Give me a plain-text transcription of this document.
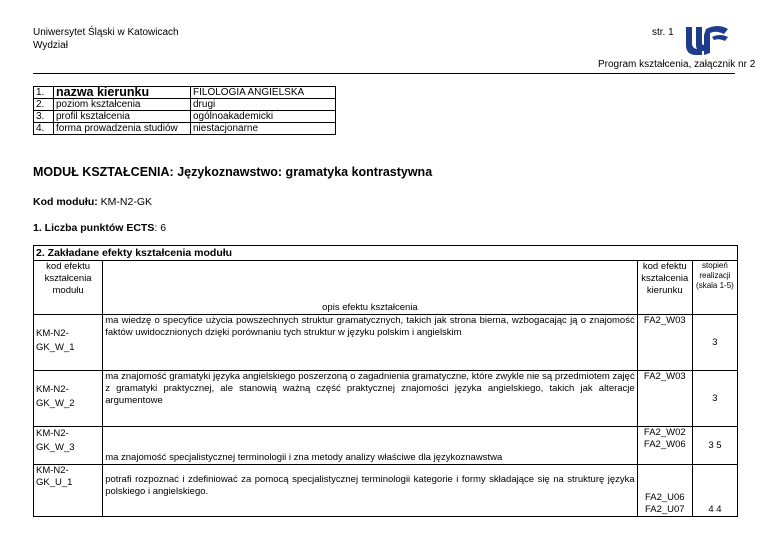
Uniwersytet Śląski w Katowicach
Wydział
str. 1
Program kształcenia, załącznik nr 2
1.	nazwa kierunku	FILOLOGIA ANGIELSKA
2.	poziom kształcenia	drugi
3.	profil kształcenia	ogólnoakademicki
4.	forma prowadzenia studiów	niestacjonarne
MODUŁ KSZTAŁCENIA: Językoznawstwo: gramatyka kontrastywna
Kod modułu: KM-N2-GK
1. Liczba punktów ECTS: 6
2. Zakładane efekty kształcenia modułu			
kod efektu kształcenia modułu	opis efektu kształcenia	kod efektu kształcenia kierunku	stopień realizacji (skala 1-5)
KM-N2-GK_W_1	ma wiedzę o specyfice użycia powszechnych struktur gramatycznych, takich jak strona bierna, wzbogacając ją o znajomość faktów uwidocznionych dzięki porównaniu tych struktur w języku polskim i angielskim	FA2_W03	3
KM-N2-GK_W_2	ma znajomość gramatyki języka angielskiego poszerzoną o zagadnienia gramatyczne, które zwykle nie są przedmiotem zajęć z gramatyki praktycznej, ale stanowią ważną część praktycznej znajomości języka angielskiego, takich jak alteracje argumentowe	FA2_W03	3
KM-N2-GK_W_3	ma znajomość specjalistycznej terminologii i zna metody analizy właściwe dla językoznawstwa	FA2_W02 FA2_W06	3 5
KM-N2-GK_U_1	potrafi rozpoznać i zdefiniować za pomocą specjalistycznej terminologii kategorie i formy składające się na strukturę języka polskiego i angielskiego.	FA2_U06 FA2_U07	4 4
